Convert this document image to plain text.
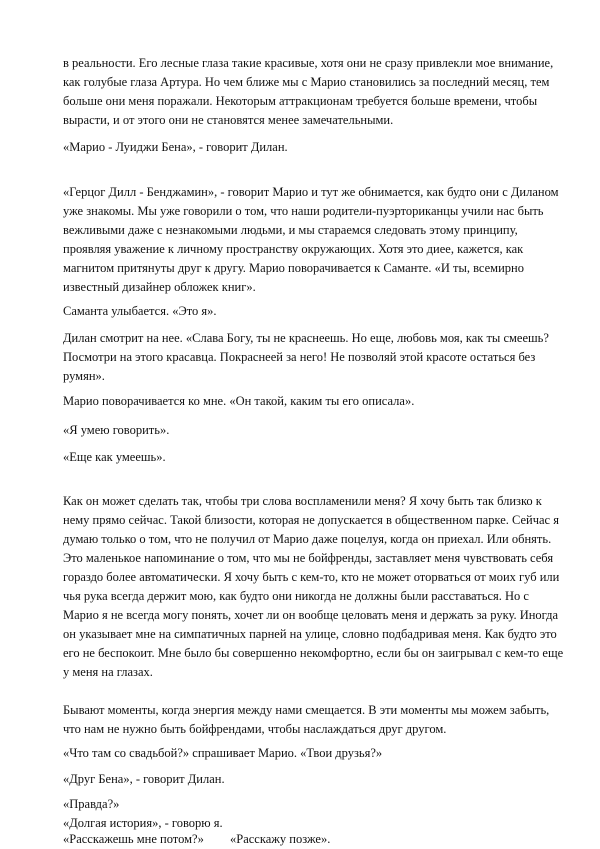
в реальности. Его лесные глаза такие красивые, хотя они не сразу привлекли мое внимание,
как голубые глаза Артура. Но чем ближе мы с Марио становились за последний месяц, тем
больше они меня поражали. Некоторым аттракционам требуется больше времени, чтобы
вырасти, и от этого они не становятся менее замечательными.

«Марио - Луиджи Бена», - говорит Дилан.

«Герцог Дилл - Бенджамин», - говорит Марио и тут же обнимается, как будто они с Диланом
уже знакомы. Мы уже говорили о том, что наши родители-пуэрториканцы учили нас быть
вежливыми даже с незнакомыми людьми, и мы стараемся следовать этому принципу,
проявляя уважение к личному пространству окружающих. Хотя это диее, кажется, как
магнитом притянуты друг к другу. Марио поворачивается к Саманте. «И ты, всемирно
известный дизайнер обложек книг».

Саманта улыбается. «Это я».

Дилан смотрит на нее. «Слава Богу, ты не краснеешь. Но еще, любовь моя, как ты смеешь?
Посмотри на этого красавца. Покраснеей за него! Не позволяй этой красоте остаться без
румян».

Марио поворачивается ко мне. «Он такой, каким ты его описала».

«Я умею говорить».

«Еще как умеешь».

Как он может сделать так, чтобы три слова воспламенили меня? Я хочу быть так близко к
нему прямо сейчас. Такой близости, которая не допускается в общественном парке. Сейчас я
думаю только о том, что не получил от Марио даже поцелуя, когда он приехал. Или обнять.
Это маленькое напоминание о том, что мы не бойфренды, заставляет меня чувствовать себя
гораздо более автоматически. Я хочу быть с кем-то, кто не может оторваться от моих губ или
чья рука всегда держит мою, как будто они никогда не должны были расставаться. Но с
Марио я не всегда могу понять, хочет ли он вообще целовать меня и держать за руку. Иногда
он указывает мне на симпатичных парней на улице, словно подбадривая меня. Как будто это
его не беспокоит. Мне было бы совершенно некомфортно, если бы он заигрывал с кем-то еще
у меня на глазах.

Бывают моменты, когда энергия между нами смещается. В эти моменты мы можем забыть,
что нам не нужно быть бойфрендами, чтобы наслаждаться друг другом.

«Что там со свадьбой?» спрашивает Марио. «Твои друзья?»

«Друг Бена», - говорит Дилан.

«Правда?»

«Долгая история», - говорю я.

«Расскажешь мне потом?»	«Расскажу позже».
